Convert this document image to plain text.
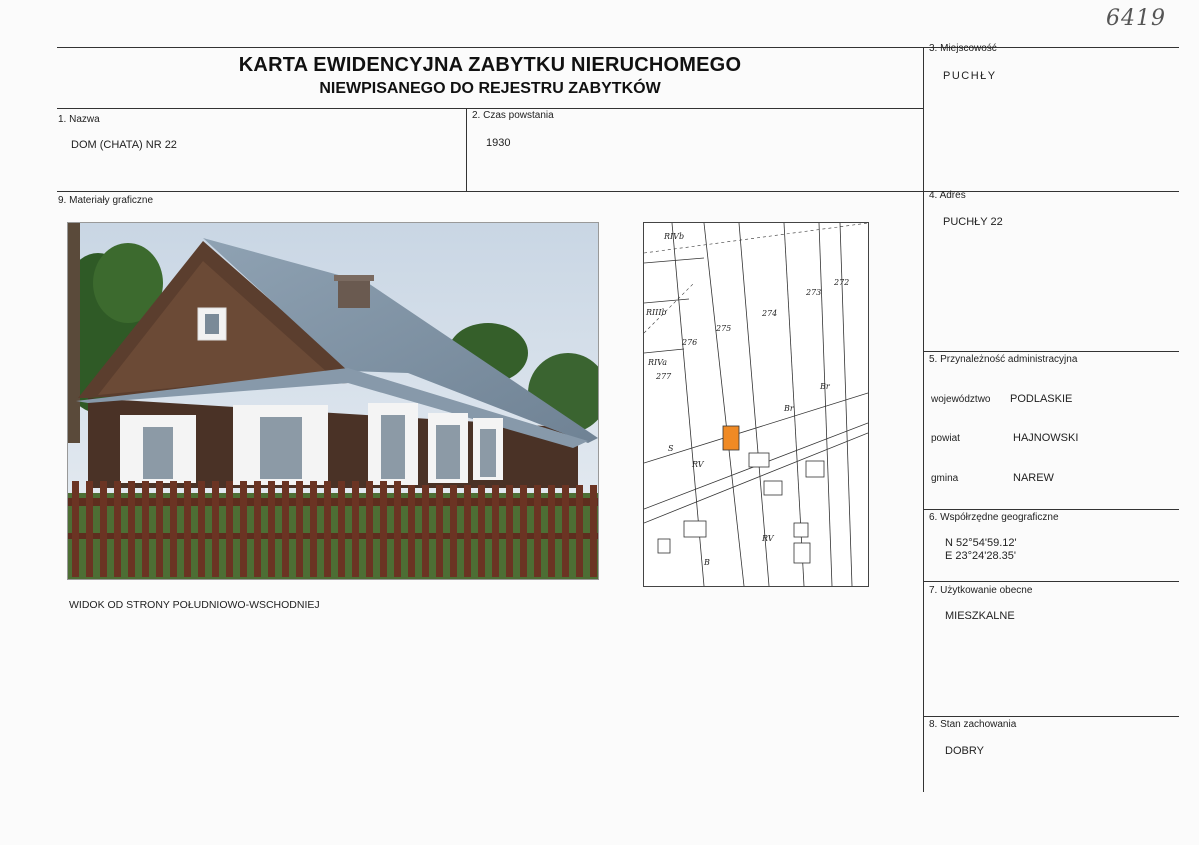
6419
KARTA EWIDENCYJNA ZABYTKU NIERUCHOMEGO
NIEWPISANEGO DO REJESTRU ZABYTKÓW
1. Nazwa
DOM (CHATA) NR 22
2. Czas powstania
1930
3. Miejscowość
PUCHŁY
4. Adres
PUCHŁY 22
5. Przynależność administracyjna
województwo PODLASKIE
powiat	HAJNOWSKI
gmina	NAREW
6. Współrzędne geograficzne
N 52°54'59.12'
E 23°24'28.35'
7. Użytkowanie obecne
MIESZKALNE
8. Stan zachowania
DOBRY
9. Materiały graficzne
WIDOK OD STRONY POŁUDNIOWO-WSCHODNIEJ
RIVb
RIIIb
RIVa
275
274
276
277
273
272
Br
Br
RV
RV
B
S
